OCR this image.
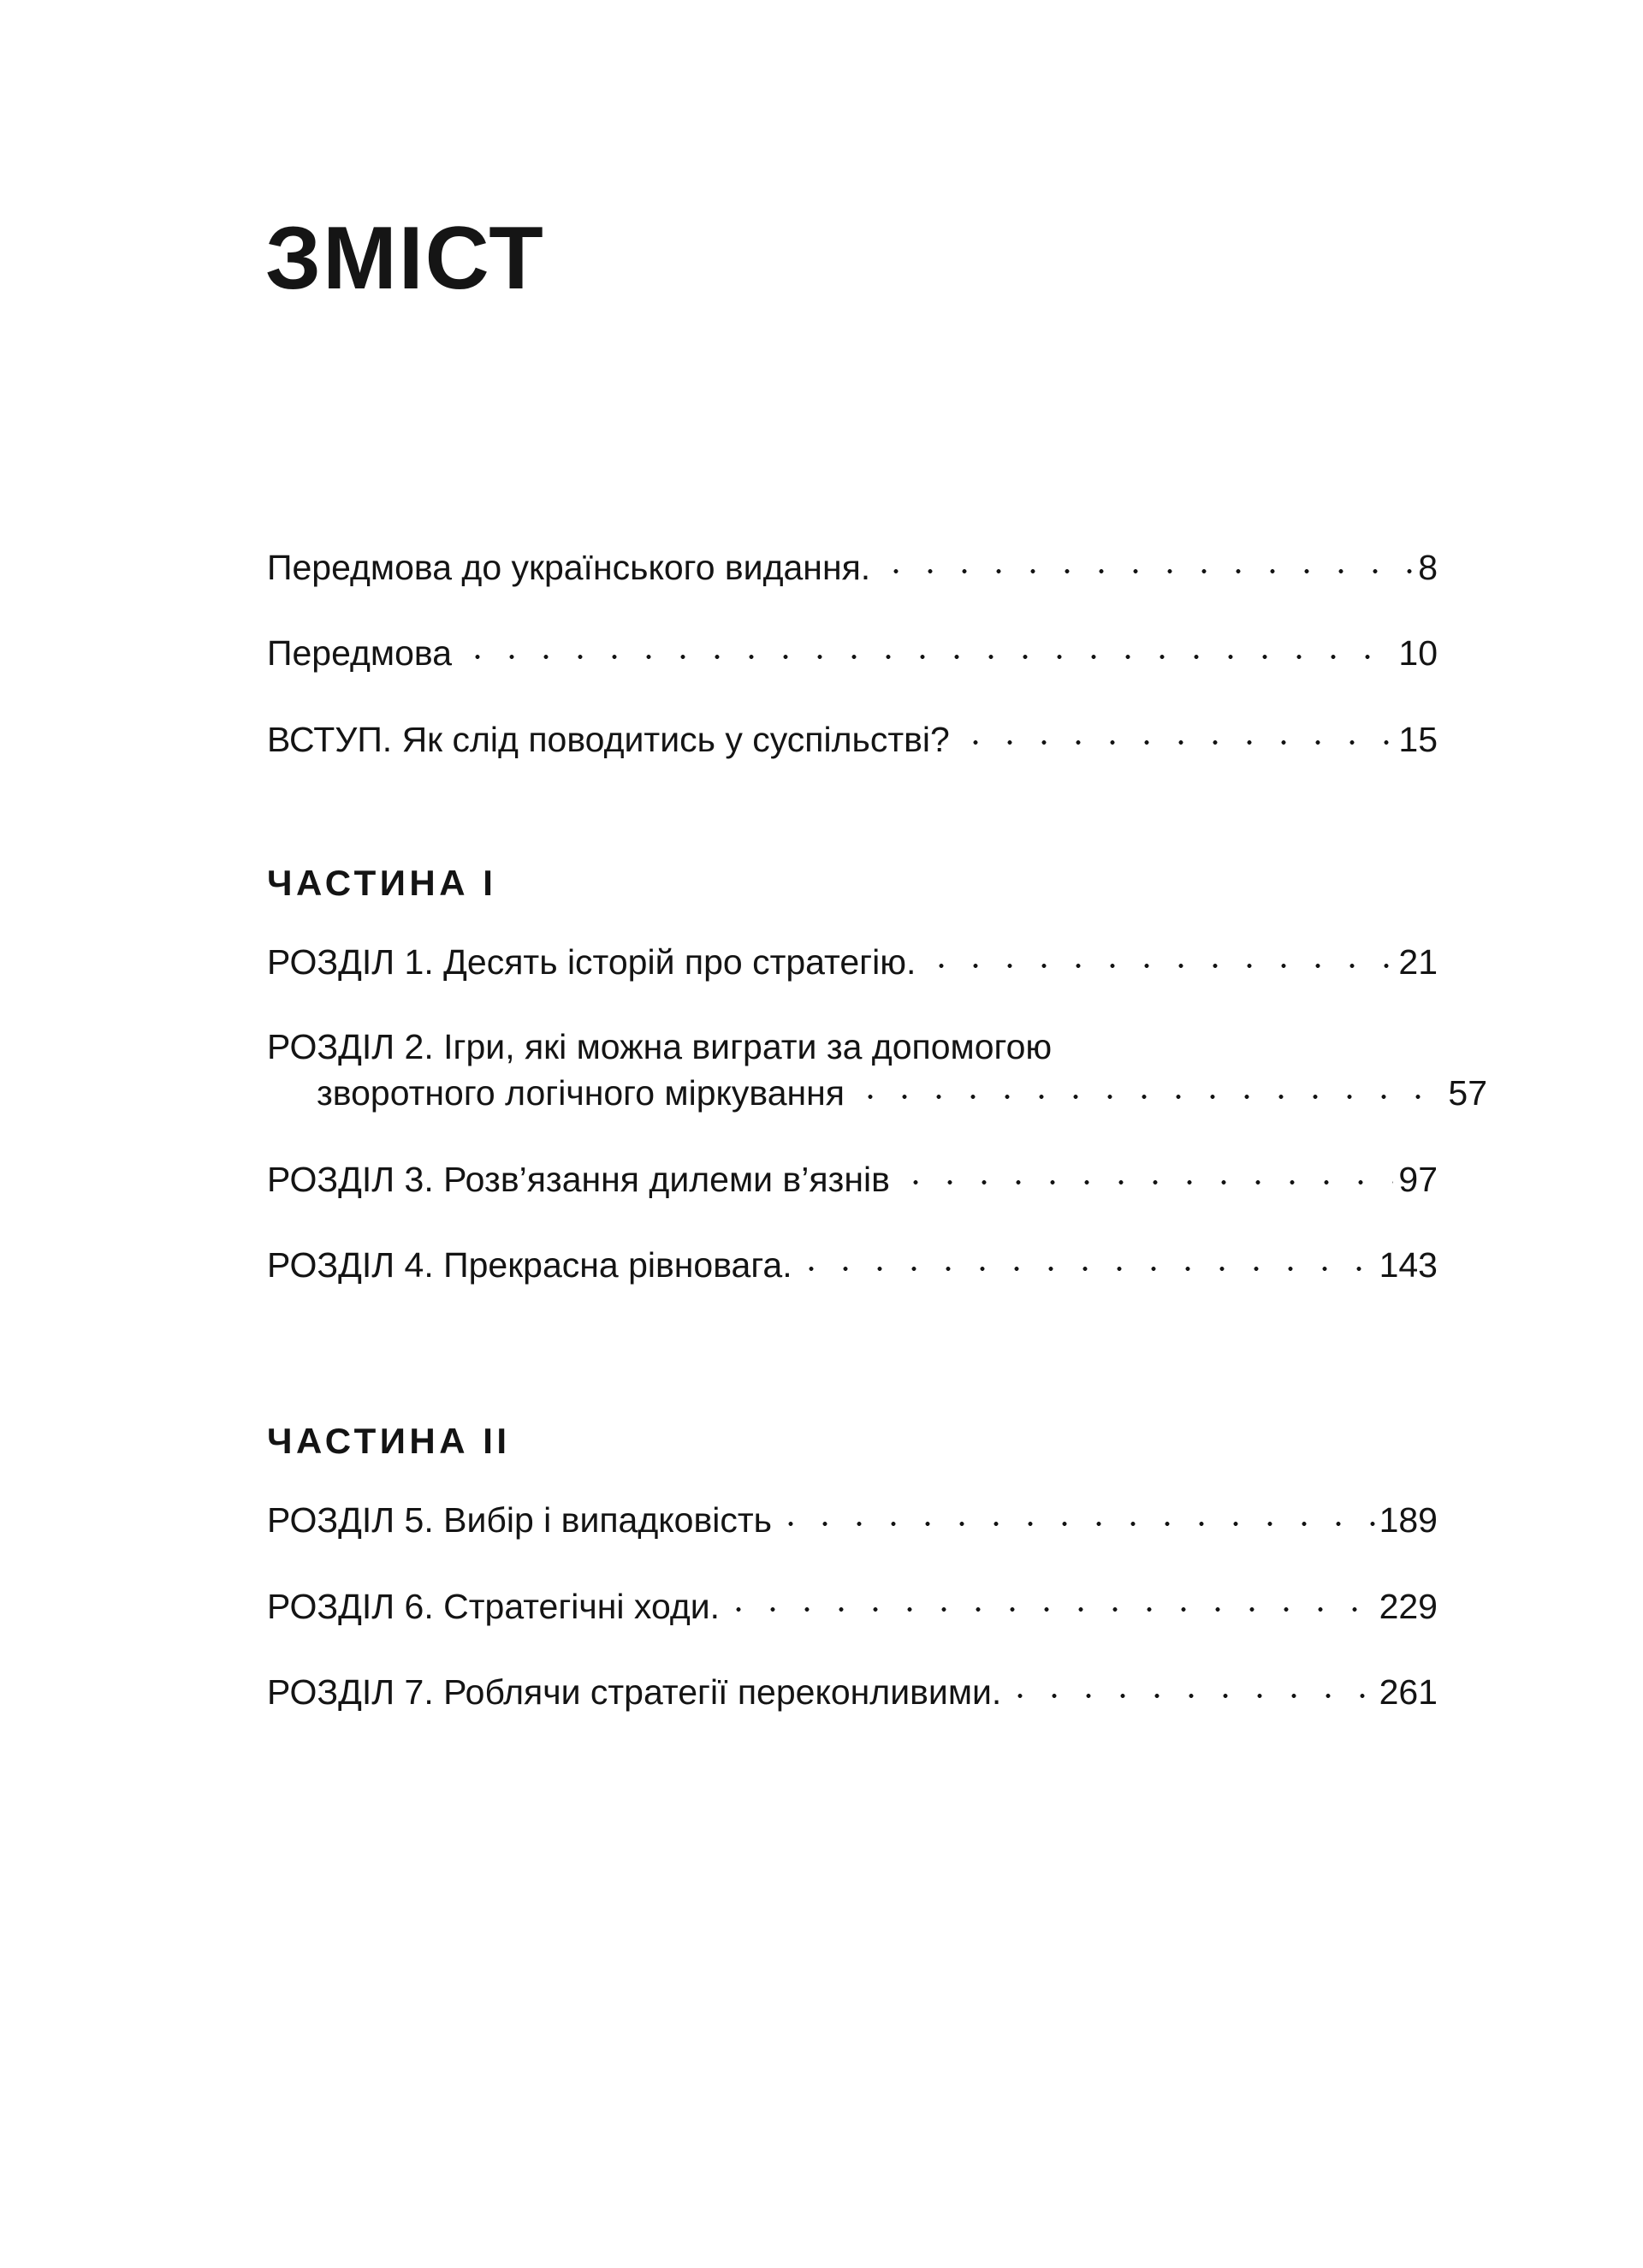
ЗМІСТ
Передмова до українського видання.	8
Передмова	10
ВСТУП. Як слід поводитись у суспільстві?	15
ЧАСТИНА I
РОЗДІЛ 1. Десять історій про стратегію.	21
РОЗДІЛ 2. Ігри, які можна виграти за допомогою
зворотного логічного міркування	57
РОЗДІЛ 3. Розв’язання дилеми в’язнів	97
РОЗДІЛ 4. Прекрасна рівновага.	143
ЧАСТИНА II
РОЗДІЛ 5. Вибір і випадковість	189
РОЗДІЛ 6. Стратегічні ходи.	229
РОЗДІЛ 7. Роблячи стратегії переконливими.	261
